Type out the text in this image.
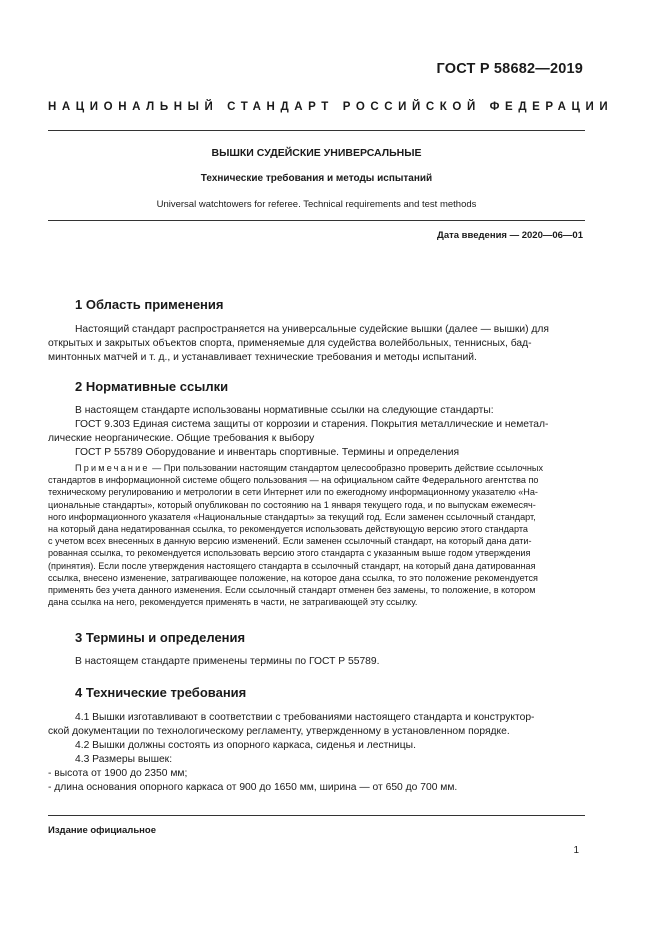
ГОСТ Р 58682—2019
НАЦИОНАЛЬНЫЙ СТАНДАРТ РОССИЙСКОЙ ФЕДЕРАЦИИ
ВЫШКИ СУДЕЙСКИЕ УНИВЕРСАЛЬНЫЕ
Технические требования и методы испытаний
Universal watchtowers for referee. Technical requirements and test methods
Дата введения — 2020—06—01
1 Область применения
Настоящий стандарт распространяется на универсальные судейские вышки (далее — вышки) для
открытых и закрытых объектов спорта, применяемые для судейства волейбольных, теннисных, бад-
минтонных матчей и т. д., и устанавливает технические требования и методы испытаний.
2 Нормативные ссылки
В настоящем стандарте использованы нормативные ссылки на следующие стандарты:
ГОСТ 9.303 Единая система защиты от коррозии и старения. Покрытия металлические и неметал-
лические неорганические. Общие требования к выбору
ГОСТ Р 55789 Оборудование и инвентарь спортивные. Термины и определения
Примечание — При пользовании настоящим стандартом целесообразно проверить действие ссылочных
стандартов в информационной системе общего пользования — на официальном сайте Федерального агентства по
техническому регулированию и метрологии в сети Интернет или по ежегодному информационному указателю «На-
циональные стандарты», который опубликован по состоянию на 1 января текущего года, и по выпускам ежемесяч-
ного информационного указателя «Национальные стандарты» за текущий год. Если заменен ссылочный стандарт,
на который дана недатированная ссылка, то рекомендуется использовать действующую версию этого стандарта
с учетом всех внесенных в данную версию изменений. Если заменен ссылочный стандарт, на который дана дати-
рованная ссылка, то рекомендуется использовать версию этого стандарта с указанным выше годом утверждения
(принятия). Если после утверждения настоящего стандарта в ссылочный стандарт, на который дана датированная
ссылка, внесено изменение, затрагивающее положение, на которое дана ссылка, то это положение рекомендуется
применять без учета данного изменения. Если ссылочный стандарт отменен без замены, то положение, в котором
дана ссылка на него, рекомендуется применять в части, не затрагивающей эту ссылку.
3 Термины и определения
В настоящем стандарте применены термины по ГОСТ Р 55789.
4 Технические требования
4.1 Вышки изготавливают в соответствии с требованиями настоящего стандарта и конструктор-
ской документации по технологическому регламенту, утвержденному в установленном порядке.
4.2 Вышки должны состоять из опорного каркаса, сиденья и лестницы.
4.3 Размеры вышек:
- высота от 1900 до 2350 мм;
- длина основания опорного каркаса от 900 до 1650 мм, ширина — от 650 до 700 мм.
Издание официальное
1
